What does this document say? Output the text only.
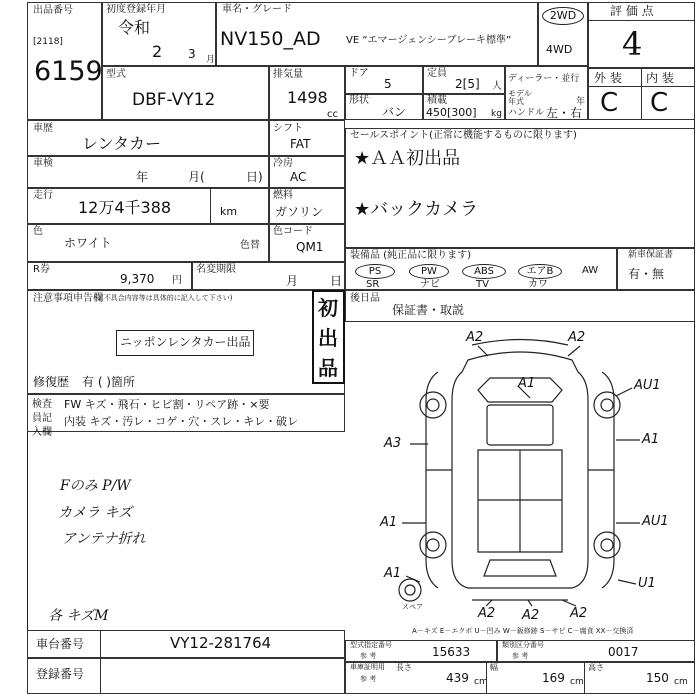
出品番号
[2118]
6159
初度登録年月
令和
2 3 月
車名・グレード
NV150_AD	VE “エマージェンシーブレーキ標準”
2WD
4WD
評 価 点
4
型式
DBF-VY12
排気量
1498
cc
ドア
5
定員
2[5] 人
ディーラー・並行
モデル年式	年
ハンドル 左・右
外 装 内 装
C C
形状
バン
積載
450[300] kg
車歴
レンタカー
シフト
FAT
車検
年	月(	日)
冷房
AC
走行
12万4千388	km
燃料
ガソリン
色
ホワイト	色替
色コード
QM1
R券
9,370 円
名変期限
月	日
セールスポイント(正常に機能するものに限ります)
★ＡＡ初出品
★バックカメラ
装備品 (純正品に限ります)
PS	PW	ABS	エアB	AW
SR	ナビ	TV	カワ
新車保証書
有・無
後日品
保証書・取説
注意事項申告欄
(不具合内容等は具体的に記入して下さい)
ニッポンレンタカー出品
初
出
品
修復歴 有 ( )箇所
検査員記入欄
FW キズ・飛石・ヒビ割・リペア跡・×要
内装 キズ・汚レ・コゲ・穴・スレ・キレ・破レ
Fのみ P/W
カメラ キズ
アンテナ折れ
各 キズM
A2	A2
A1	AU1
A3	A1
A1	AU1
A1
U1
A2 A2 A2
スペア
A－キズ E－エクボ U－凹み W－鈑修跡 S－サビ C－腐食 XX－交換済
車台番号	VY12-281764
登録番号
型式指定番号
参 考	15633	類別区分番号
参 考	0017
車庫証明用
参 考
長さ
439 cm
幅
169 cm
高さ
150 cm
